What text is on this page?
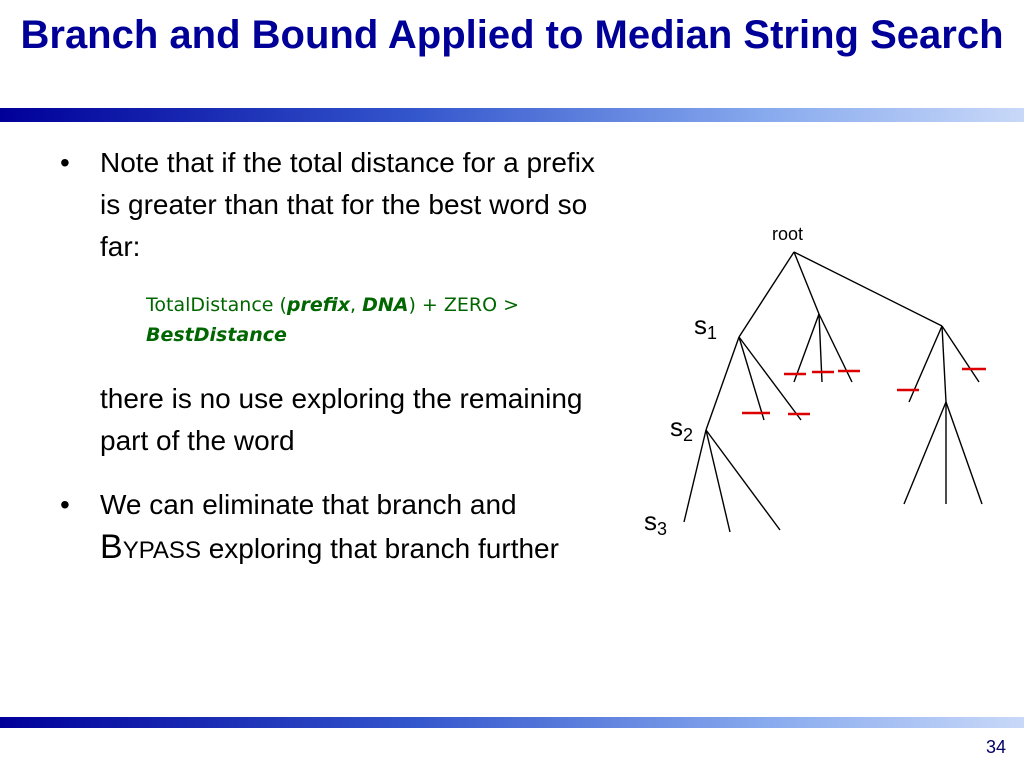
Branch and Bound Applied to Median String Search
•	Note that if the total distance for a prefix is greater than that for the best word so far:
TotalDistance (prefix, DNA) + ZERO > BestDistance
there is no use exploring the remaining part of the word
•	We can eliminate that branch and BYPASS exploring that branch further
root
s1
s2
s3
34
